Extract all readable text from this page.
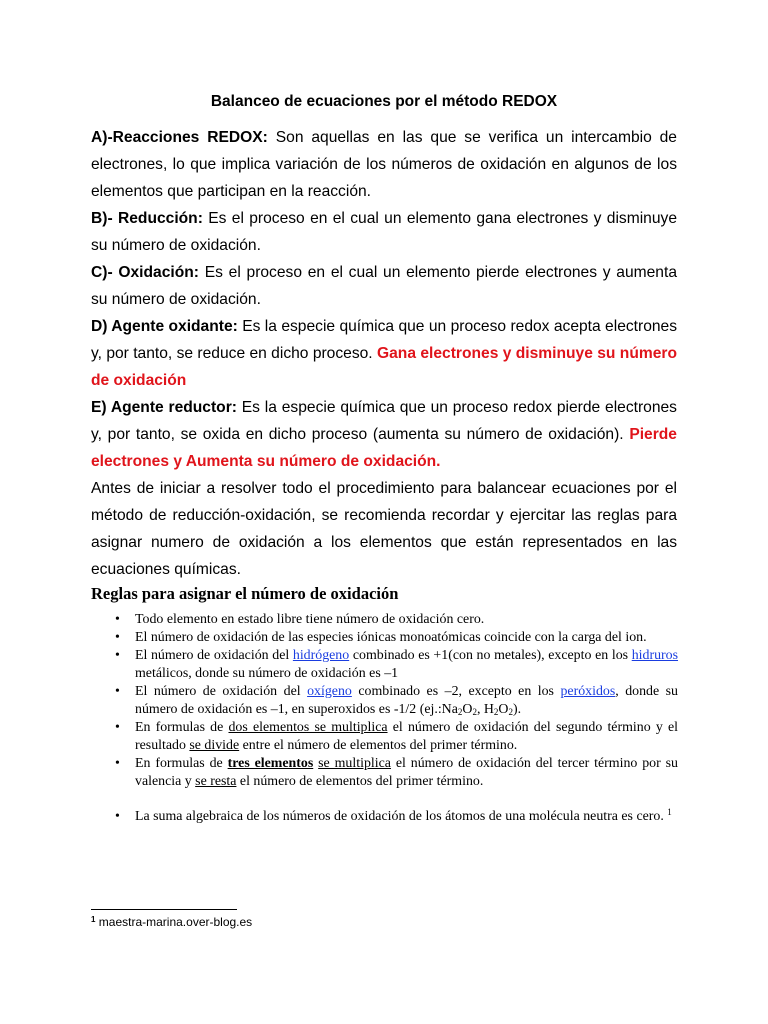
Balanceo de ecuaciones por el método REDOX

A)-Reacciones REDOX: Son aquellas en las que se verifica un intercambio de electrones, lo que implica variación de los números de oxidación en algunos de los elementos que participan en la reacción.

B)- Reducción: Es el proceso en el cual un elemento gana electrones y disminuye su número de oxidación.

C)- Oxidación: Es el proceso en el cual un elemento pierde electrones y aumenta su número de oxidación.

D) Agente oxidante: Es la especie química que un proceso redox acepta electrones y, por tanto, se reduce en dicho proceso. Gana electrones y disminuye su número de oxidación

E) Agente reductor: Es la especie química que un proceso redox pierde electrones y, por tanto, se oxida en dicho proceso (aumenta su número de oxidación). Pierde electrones y Aumenta su número de oxidación.

Antes de iniciar a resolver todo el procedimiento para balancear ecuaciones por el método de reducción-oxidación, se recomienda recordar y ejercitar las reglas para asignar numero de oxidación a los elementos que están representados en las ecuaciones químicas.

Reglas para asignar el número de oxidación
• Todo elemento en estado libre tiene número de oxidación cero.
• El número de oxidación de las especies iónicas monoatómicas coincide con la carga del ion.
• El número de oxidación del hidrógeno combinado es +1(con no metales), excepto en los hidruros metálicos, donde su número de oxidación es –1
• El número de oxidación del oxígeno combinado es –2, excepto en los peróxidos, donde su número de oxidación es –1, en superoxidos es -1/2 ($ej.:Na_2O_2$, $H_2O_2$).
• En formulas de dos elementos se multiplica el número de oxidación del segundo término y el resultado se divide entre el número de elementos del primer término.
• En formulas de tres elementos se multiplica el número de oxidación del tercer término por su valencia y se resta el número de elementos del primer término.
• La suma algebraica de los números de oxidación de los átomos de una molécula neutra es cero. $^1$
$^1$ maestra-marina.over-blog.es
